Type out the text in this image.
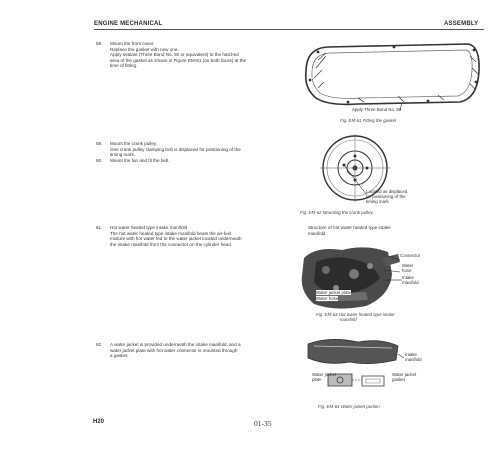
ENGINE MECHANICAL	ASSEMBLY
58. Mount the front cover.
Replace the gasket with new one.
Apply sealant (Three Bond No. 50 or equivalent) to the hatched
area of the gasket as shown in Figure EM-61 (on both faces) at the
time of fitting.
Apply Three Bond No. 50
Fig. EM-61 Fitting the gasket
59. Mount the crank pulley.
One crank pulley clamping bolt is displaced for positioning of the
timing mark.
60. Mount the fan and fit the belt.
Located as displaced
for positioning of the
timing mark
Fig. EM-62 Mounting the crank pulley
61. Hot water heated type intake manifold
The hot water heated type intake manifold heats the air-fuel
mixture with hot water fed to the water jacket located underneath
the intake manifold from the connector on the cylinder head.
Structure of hot water heated type intake
manifold
Connector
Water
hose
Intake
manifold
Water jacket plate
Water hose
Fig. EM-63 Hot water heated type intake
manifold
62. A water jacket is provided underneath the intake manifold, and a
water jacket plate with hot water connector is mounted through
a gasket.	Intake
manifold
Water jacket
plate
Water jacket
gasket
Fig. EM-64 Water jacket portion
H20	01-35
